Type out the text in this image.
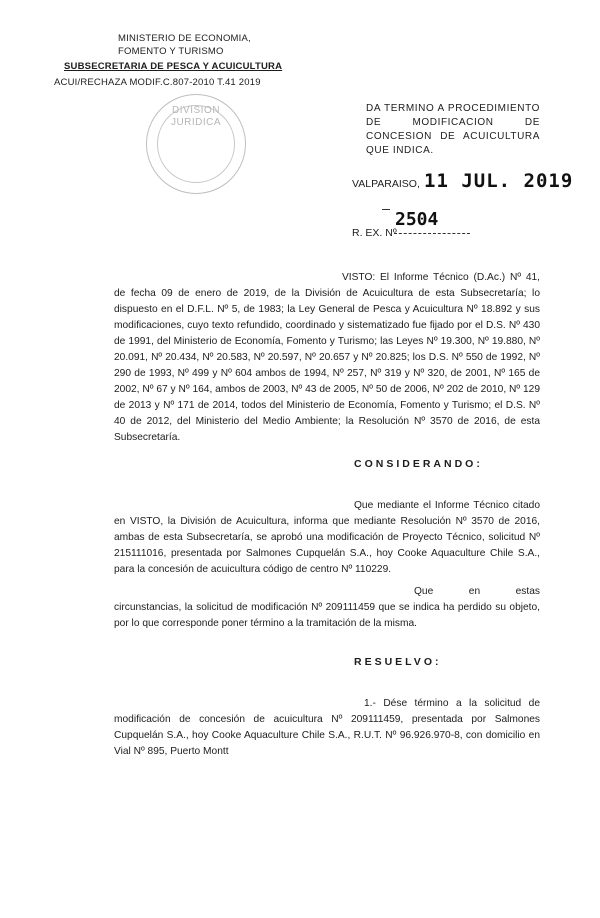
MINISTERIO DE ECONOMIA,
FOMENTO Y TURISMO
SUBSECRETARIA DE PESCA Y ACUICULTURA
ACUI/RECHAZA MODIF.C.807-2010 T.41 2019
DIVISION
JURIDICA
DA TERMINO A PROCEDIMIENTO DE MODIFICACION DE CONCESION DE ACUICULTURA QUE INDICA.
VALPARAISO, 11 JUL. 2019
2504
R. EX. Nº
VISTO: El Informe Técnico (D.Ac.) Nº 41, de fecha 09 de enero de 2019, de la División de Acuicultura de esta Subsecretaría; lo dispuesto en el D.F.L. Nº 5, de 1983; la Ley General de Pesca y Acuicultura Nº 18.892 y sus modificaciones, cuyo texto refundido, coordinado y sistematizado fue fijado por el D.S. Nº 430 de 1991, del Ministerio de Economía, Fomento y Turismo; las Leyes Nº 19.300, Nº 19.880, Nº 20.091, Nº 20.434, Nº 20.583, Nº 20.597, Nº 20.657 y Nº 20.825; los D.S. Nº 550 de 1992, Nº 290 de 1993, Nº 499 y Nº 604 ambos de 1994, Nº 257, Nº 319 y Nº 320, de 2001, Nº 165 de 2002, Nº 67 y Nº 164, ambos de 2003, Nº 43 de 2005, Nº 50 de 2006, Nº 202 de 2010, Nº 129 de 2013 y Nº 171 de 2014, todos del Ministerio de Economía, Fomento y Turismo; el D.S. Nº 40 de 2012, del Ministerio del Medio Ambiente; la Resolución Nº 3570 de 2016, de esta Subsecretaría.
CONSIDERANDO:
Que mediante el Informe Técnico citado en VISTO, la División de Acuicultura, informa que mediante Resolución Nº 3570 de 2016, ambas de esta Subsecretaría, se aprobó una modificación de Proyecto Técnico, solicitud Nº 215111016, presentada por Salmones Cupquelán S.A., hoy Cooke Aquaculture Chile S.A., para la concesión de acuicultura código de centro Nº 110229.
Que en estas circunstancias, la solicitud de modificación Nº 209111459 que se indica ha perdido su objeto, por lo que corresponde poner término a la tramitación de la misma.
RESUELVO:
1.- Dése término a la solicitud de modificación de concesión de acuicultura Nº 209111459, presentada por Salmones Cupquelán S.A., hoy Cooke Aquaculture Chile S.A., R.U.T. Nº 96.926.970-8, con domicilio en Vial Nº 895, Puerto Montt
